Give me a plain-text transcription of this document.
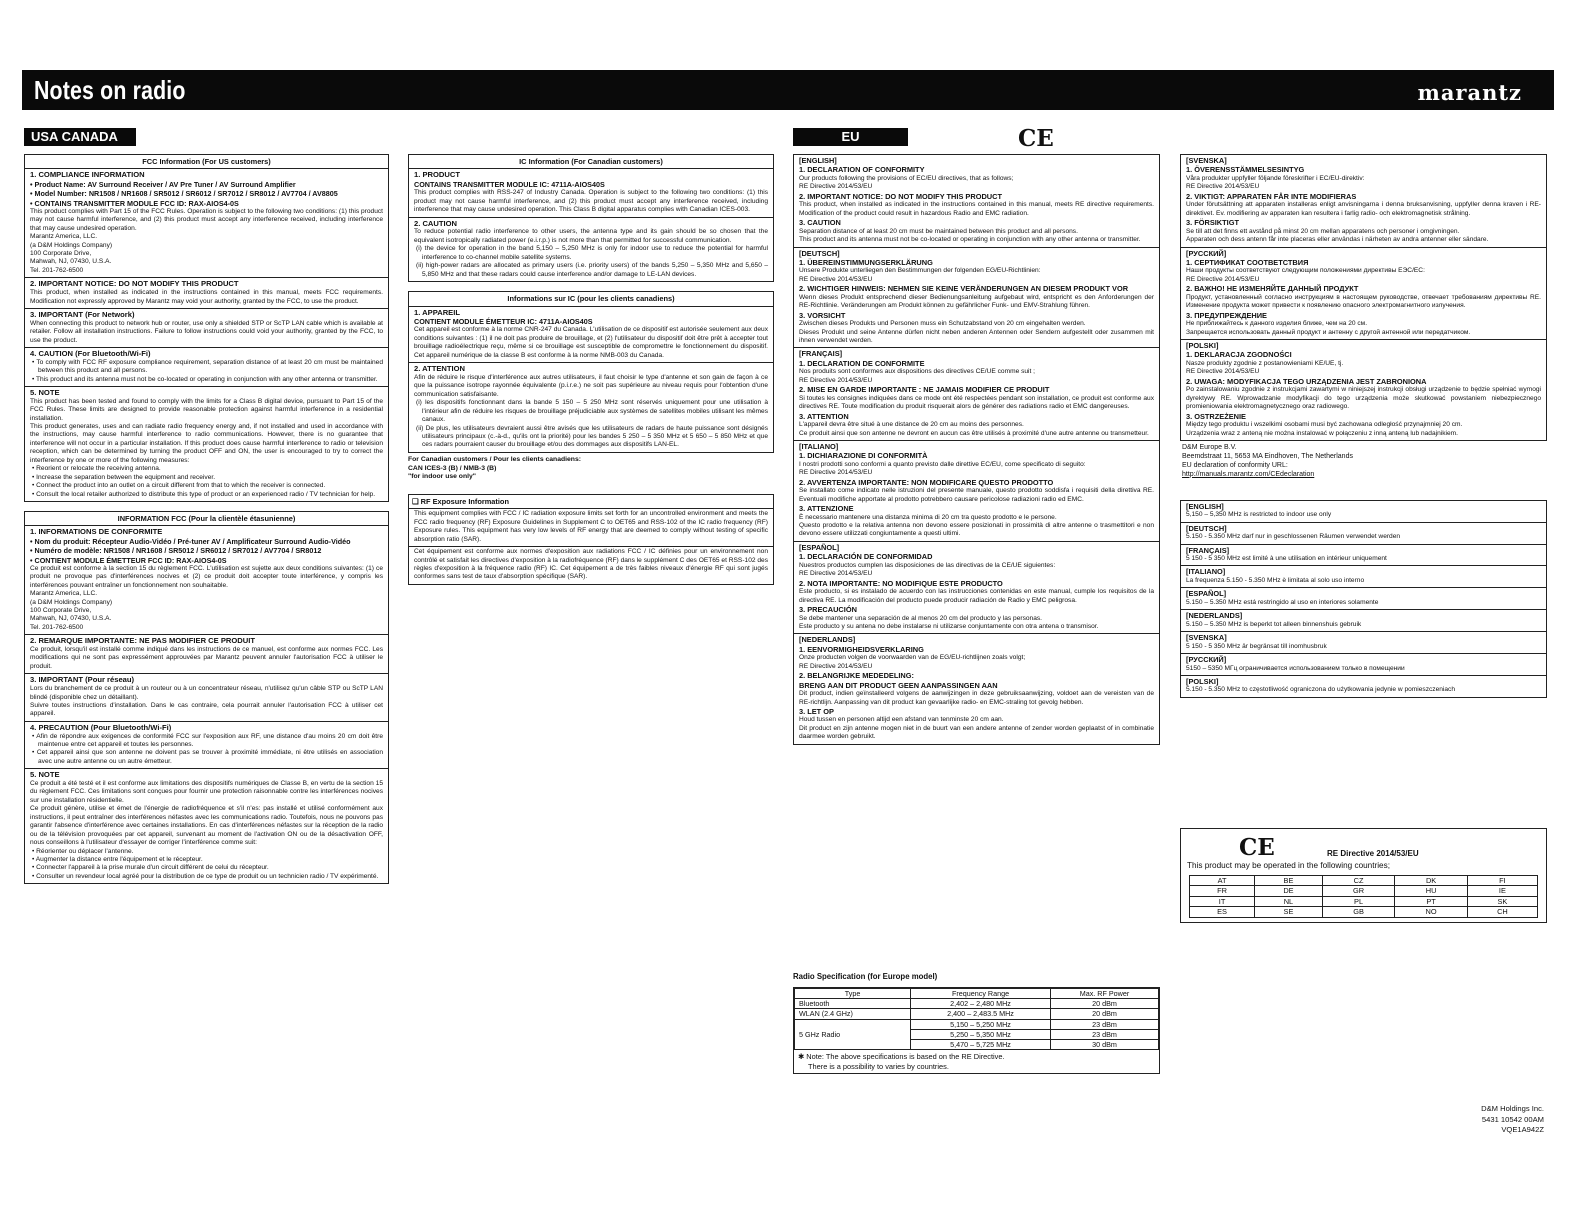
Notes on radio	marantz
USA CANADA	EU	CE
FCC Information (For US customers)
1. COMPLIANCE INFORMATION
• Product Name: AV Surround Receiver / AV Pre Tuner / AV Surround Amplifier
• Model Number: NR1508 / NR1608 / SR5012 / SR6012 / SR7012 / SR8012 / AV7704 / AV8805
• CONTAINS TRANSMITTER MODULE FCC ID: RAX-AIOS4-0S
This product complies with Part 15 of the FCC Rules. Operation is subject to the following two conditions: (1) this product may not cause harmful interference, and (2) this product must accept any interference received, including interference that may cause undesired operation.
Marantz America, LLC.
(a D&M Holdings Company)
100 Corporate Drive,
Mahwah, NJ, 07430, U.S.A.
Tel. 201-762-6500
2. IMPORTANT NOTICE: DO NOT MODIFY THIS PRODUCT
This product, when installed as indicated in the instructions contained in this manual, meets FCC requirements. Modification not expressly approved by Marantz may void your authority, granted by the FCC, to use the product.
3. IMPORTANT (For Network)
When connecting this product to network hub or router, use only a shielded STP or ScTP LAN cable which is available at retailer. Follow all installation instructions. Failure to follow instructions could void your authority, granted by the FCC, to use the product.
4. CAUTION (For Bluetooth/Wi-Fi)
• To comply with FCC RF exposure compliance requirement, separation distance of at least 20 cm must be maintained between this product and all persons.
• This product and its antenna must not be co-located or operating in conjunction with any other antenna or transmitter.
5. NOTE
This product has been tested and found to comply with the limits for a Class B digital device, pursuant to Part 15 of the FCC Rules. These limits are designed to provide reasonable protection against harmful interference in a residential installation.
This product generates, uses and can radiate radio frequency energy and, if not installed and used in accordance with the instructions, may cause harmful interference to radio communications. However, there is no guarantee that interference will not occur in a particular installation. If this product does cause harmful interference to radio or television reception, which can be determined by turning the product OFF and ON, the user is encouraged to try to correct the interference by one or more of the following measures:
• Reorient or relocate the receiving antenna.
• Increase the separation between the equipment and receiver.
• Connect the product into an outlet on a circuit different from that to which the receiver is connected.
• Consult the local retailer authorized to distribute this type of product or an experienced radio / TV technician for help.
INFORMATION FCC (Pour la clientèle étasunienne)
1. INFORMATIONS DE CONFORMITE
• Nom du produit: Récepteur Audio-Vidéo / Pré-tuner AV / Amplificateur Surround Audio-Vidéo
• Numéro de modèle: NR1508 / NR1608 / SR5012 / SR6012 / SR7012 / AV7704 / SR8012
• CONTIENT MODULE ÉMETTEUR FCC ID: RAX-AIOS4-0S
Ce produit est conforme à la section 15 du règlement FCC. L'utilisation est sujette aux deux conditions suivantes: (1) ce produit ne provoque pas d'interférences nocives et (2) ce produit doit accepter toute interférence, y compris les interférences pouvant entraîner un fonctionnement non souhaitable.
Marantz America, LLC.
(a D&M Holdings Company)
100 Corporate Drive,
Mahwah, NJ, 07430, U.S.A.
Tel. 201-762-6500
2. REMARQUE IMPORTANTE: NE PAS MODIFIER CE PRODUIT
Ce produit, lorsqu'il est installé comme indiqué dans les instructions de ce manuel, est conforme aux normes FCC. Les modifications qui ne sont pas expressément approuvées par Marantz peuvent annuler l'autorisation FCC à utiliser le produit.
3. IMPORTANT (Pour réseau)
Lors du branchement de ce produit à un routeur ou à un concentrateur réseau, n'utilisez qu'un câble STP ou ScTP LAN blindé (disponible chez un détaillant).
Suivre toutes instructions d'installation. Dans le cas contraire, cela pourrait annuler l'autorisation FCC à utiliser cet appareil.
4. PRECAUTION (Pour Bluetooth/Wi-Fi)
• Afin de répondre aux exigences de conformité FCC sur l'exposition aux RF, une distance d'au moins 20 cm doit être maintenue entre cet appareil et toutes les personnes.
• Cet appareil ainsi que son antenne ne doivent pas se trouver à proximité immédiate, ni être utilisés en association avec une autre antenne ou un autre émetteur.
5. NOTE
Ce produit a été testé et il est conforme aux limitations des dispositifs numériques de Classe B, en vertu de la section 15 du règlement FCC. Ces limitations sont conçues pour fournir une protection raisonnable contre les interférences nocives sur une installation résidentielle.
Ce produit génère, utilise et émet de l'énergie de radiofréquence et s'il n'es: pas installé et utilisé conformément aux instructions, il peut entraîner des interférences néfastes avec les communications radio. Toutefois, nous ne pouvons pas garantir l'absence d'interférence avec certaines installations. En cas d'interférences néfastes sur la réception de la radio ou de la télévision provoquées par cet appareil, survenant au moment de l'activation ON ou de la désactivation OFF, nous conseillons à l'utilisateur d'essayer de corriger l'interférence comme suit:
• Réorienter ou déplacer l'antenne.
• Augmenter la distance entre l'équipement et le récepteur.
• Connecter l'appareil à la prise murale d'un circuit différent de celui du récepteur.
• Consulter un revendeur local agréé pour la distribution de ce type de produit ou un technicien radio / TV expérimenté.
IC Information (For Canadian customers)
1. PRODUCT
CONTAINS TRANSMITTER MODULE IC: 4711A-AIOS40S
This product complies with RSS-247 of Industry Canada. Operation is subject to the following two conditions: (1) this product may not cause harmful interference, and (2) this product must accept any interference received, including interference that may cause undesired operation. This Class B digital apparatus complies with Canadian ICES-003.
2. CAUTION
To reduce potential radio interference to other users, the antenna type and its gain should be so chosen that the equivalent isotropically radiated power (e.i.r.p.) is not more than that permitted for successful communication.
(i) the device for operation in the band 5,150 – 5,250 MHz is only for indoor use to reduce the potential for harmful interference to co-channel mobile satellite systems.
(ii) high-power radars are allocated as primary users (i.e. priority users) of the bands 5,250 – 5,350 MHz and 5,650 – 5,850 MHz and that these radars could cause interference and/or damage to LE-LAN devices.
Informations sur IC (pour les clients canadiens)
1. APPAREIL
CONTIENT MODULE ÉMETTEUR IC: 4711A-AIOS40S
Cet appareil est conforme à la norme CNR-247 du Canada. L'utilisation de ce dispositif est autorisée seulement aux deux conditions suivantes : (1) il ne doit pas produire de brouillage, et (2) l'utilisateur du dispositif doit être prêt à accepter tout brouillage radioélectrique reçu, même si ce brouillage est susceptible de compromettre le fonctionnement du dispositif. Cet appareil numérique de la classe B est conforme à la norme NMB-003 du Canada.
2. ATTENTION
Afin de réduire le risque d'interférence aux autres utilisateurs, il faut choisir le type d'antenne et son gain de façon à ce que la puissance isotrope rayonnée équivalente (p.i.r.e.) ne soit pas supérieure au niveau requis pour l'obtention d'une communication satisfaisante.
(i) les dispositifs fonctionnant dans la bande 5 150 – 5 250 MHz sont réservés uniquement pour une utilisation à l'intérieur afin de réduire les risques de brouillage préjudiciable aux systèmes de satellites mobiles utilisant les mêmes canaux.
(ii) De plus, les utilisateurs devraient aussi être avisés que les utilisateurs de radars de haute puissance sont désignés utilisateurs principaux (c.-à-d., qu'ils ont la priorité) pour les bandes 5 250 – 5 350 MHz et 5 650 – 5 850 MHz et que ces radars pourraient causer du brouillage et/ou des dommages aux dispositifs LAN-EL.
For Canadian customers / Pour les clients canadiens:
CAN ICES-3 (B) / NMB-3 (B)
"for indoor use only"
❑ RF Exposure Information
This equipment complies with FCC / IC radiation exposure limits set forth for an uncontrolled environment and meets the FCC radio frequency (RF) Exposure Guidelines in Supplement C to OET65 and RSS-102 of the IC radio frequency (RF) Exposure rules. This equipment has very low levels of RF energy that are deemed to comply without testing of specific absorption ratio (SAR).
Cet équipement est conforme aux normes d'exposition aux radiations FCC / IC définies pour un environnement non contrôlé et satisfait les directives d'exposition à la radiofréquence (RF) dans le supplément C des OET65 et RSS-102 des règles d'exposition à la fréquence radio (RF) IC. Cet équipement a de très faibles niveaux d'énergie RF qui sont jugés conformes sans test de taux d'absorption spécifique (SAR).
[ENGLISH]
1. DECLARATION OF CONFORMITY
Our products following the provisions of EC/EU directives, that as follows;
RE Directive 2014/53/EU
2. IMPORTANT NOTICE: DO NOT MODIFY THIS PRODUCT
This product, when installed as indicated in the instructions contained in this manual, meets RE directive requirements. Modification of the product could result in hazardous Radio and EMC radiation.
3. CAUTION
Separation distance of at least 20 cm must be maintained between this product and all persons.
This product and its antenna must not be co-located or operating in conjunction with any other antenna or transmitter.
[DEUTSCH]
1. ÜBEREINSTIMMUNGSERKLÄRUNG
Unsere Produkte unterliegen den Bestimmungen der folgenden EG/EU-Richtlinien:
RE Directive 2014/53/EU
2. WICHTIGER HINWEIS: NEHMEN SIE KEINE VERÄNDERUNGEN AN DIESEM PRODUKT VOR
Wenn dieses Produkt entsprechend dieser Bedienungsanleitung aufgebaut wird, entspricht es den Anforderungen der RE-Richtlinie. Veränderungen am Produkt können zu gefährlicher Funk- und EMV-Strahlung führen.
3. VORSICHT
Zwischen dieses Produkts und Personen muss ein Schutzabstand von 20 cm eingehalten werden.
Dieses Produkt und seine Antenne dürfen nicht neben anderen Antennen oder Sendern aufgestellt oder zusammen mit ihnen verwendet werden.
[FRANÇAIS]
1. DECLARATION DE CONFORMITE
Nos produits sont conformes aux dispositions des directives CE/UE comme suit ;
RE Directive 2014/53/EU
2. MISE EN GARDE IMPORTANTE : NE JAMAIS MODIFIER CE PRODUIT
Si toutes les consignes indiquées dans ce mode ont été respectées pendant son installation, ce produit est conforme aux directives RE. Toute modification du produit risquerait alors de générer des radiations radio et EMC dangereuses.
3. ATTENTION
L'appareil devra être situé à une distance de 20 cm au moins des personnes.
Ce produit ainsi que son antenne ne devront en aucun cas être utilisés à proximité d'une autre antenne ou transmetteur.
[ITALIANO]
1. DICHIARAZIONE DI CONFORMITÀ
I nostri prodotti sono conformi a quanto previsto dalle direttive EC/EU, come specificato di seguito:
RE Directive 2014/53/EU
2. AVVERTENZA IMPORTANTE: NON MODIFICARE QUESTO PRODOTTO
Se installato come indicato nelle istruzioni del presente manuale, questo prodotto soddisfa i requisiti della direttiva RE. Eventuali modifiche apportate al prodotto potrebbero causare pericolose radiazioni radio ed EMC.
3. ATTENZIONE
È necessario mantenere una distanza minima di 20 cm tra questo prodotto e le persone.
Questo prodotto e la relativa antenna non devono essere posizionati in prossimità di altre antenne o trasmettitori e non devono essere utilizzati congiuntamente a questi ultimi.
[ESPAÑOL]
1. DECLARACIÓN DE CONFORMIDAD
Nuestros productos cumplen las disposiciones de las directivas de la CE/UE siguientes:
RE Directive 2014/53/EU
2. NOTA IMPORTANTE: NO MODIFIQUE ESTE PRODUCTO
Este producto, si es instalado de acuerdo con las instrucciones contenidas en este manual, cumple los requisitos de la directiva RE. La modificación del producto puede producir radiación de Radio y EMC peligrosa.
3. PRECAUCIÓN
Se debe mantener una separación de al menos 20 cm del producto y las personas.
Este producto y su antena no debe instalarse ni utilizarse conjuntamente con otra antena o transmisor.
[NEDERLANDS]
1. EENVORMIGHEIDSVERKLARING
Onze producten volgen de voorwaarden van de EG/EU-richtlijnen zoals volgt;
RE Directive 2014/53/EU
2. BELANGRIJKE MEDEDELING:
BRENG AAN DIT PRODUCT GEEN AANPASSINGEN AAN
Dit product, indien geïnstalleerd volgens de aanwijzingen in deze gebruiksaanwijzing, voldoet aan de vereisten van de RE-richtlijn. Aanpassing van dit product kan gevaarlijke radio- en EMC-straling tot gevolg hebben.
3. LET OP
Houd tussen en personen altijd een afstand van tenminste 20 cm aan.
Dit product en zijn antenne mogen niet in de buurt van een andere antenne of zender worden geplaatst of in combinatie daarmee worden gebruikt.
[SVENSKA]
1. ÖVERENSSTÄMMELSESINTYG
Våra produkter uppfyller följande föreskrifter i EC/EU-direktiv:
RE Directive 2014/53/EU
2. VIKTIGT: APPARATEN FÅR INTE MODIFIERAS
Under förutsättning att apparaten installeras enligt anvisningarna i denna bruksanvisning, uppfyller denna kraven i RE-direktivet. Ev. modifiering av apparaten kan resultera i farlig radio- och elektromagnetisk strålning.
3. FÖRSIKTIGT
Se till att det finns ett avstånd på minst 20 cm mellan apparatens och personer i omgivningen.
Apparaten och dess antenn får inte placeras eller användas i närheten av andra antenner eller sändare.
[РУССКИЙ]
1. СЕРТИФИКАТ СООТВЕТСТВИЯ
Наши продукты соответствуют следующим положениями директивы ЕЭС/ЕС:
RE Directive 2014/53/EU
2. ВАЖНО! НЕ ИЗМЕНЯЙТЕ ДАННЫЙ ПРОДУКТ
Продукт, установленный согласно инструкциям в настоящем руководстве, отвечает требованиям директивы RE. Изменение продукта может привести к появлению опасного электромагнитного излучения.
3. ПРЕДУПРЕЖДЕНИЕ
Не приближайтесь к данного изделия ближе, чем на 20 см.
Запрещается использовать данный продукт и антенну с другой антенной или передатчиком.
[POLSKI]
1. DEKLARACJA ZGODNOŚCI
Nasze produkty zgodnie z postanowieniami KE/UE, tj.
RE Directive 2014/53/EU
2. UWAGA: MODYFIKACJA TEGO URZĄDZENIA JEST ZABRONIONA
Po zainstalowaniu zgodnie z instrukcjami zawartymi w niniejszej instrukcji obsługi urządzenie to będzie spełniać wymogi dyrektywy RE. Wprowadzanie modyfikacji do tego urządzenia może skutkować powstaniem niebezpiecznego promieniowania elektromagnetycznego oraz radiowego.
3. OSTRZEŻENIE
Między tego produktu i wszelkimi osobami musi być zachowana odległość przynajmniej 20 cm.
Urządzenia wraz z anteną nie można instalować w połączeniu z inną anteną lub nadajnikiem.
D&M Europe B.V.
Beemdstraat 11, 5653 MA Eindhoven, The Netherlands
EU declaration of conformity URL:
http://manuals.marantz.com/CEdeclaration
[ENGLISH]
5,150 – 5,350 MHz is restricted to indoor use only
[DEUTSCH]
5.150 - 5.350 MHz darf nur in geschlossenen Räumen verwendet werden
[FRANÇAIS]
5 150 - 5 350 MHz est limité à une utilisation en intérieur uniquement
[ITALIANO]
La frequenza 5.150 - 5.350 MHz è limitata al solo uso interno
[ESPAÑOL]
5.150 – 5.350 MHz está restringido al uso en interiores solamente
[NEDERLANDS]
5.150 – 5.350 MHz is beperkt tot alleen binnenshuis gebruik
[SVENSKA]
5 150 - 5 350 MHz är begränsat till inomhusbruk
[РУССКИЙ]
5150 – 5350 МГц ограничивается использованием только в помещении
[POLSKI]
5.150 - 5.350 MHz to częstotliwość ograniczona do użytkowania jedynie w pomieszczeniach
CE	RE Directive 2014/53/EU
This product may be operated in the following countries;
AT	BE	CZ	DK	FI
FR	DE	GR	HU	IE
IT	NL	PL	PT	SK
ES	SE	GB	NO	CH
Radio Specification (for Europe model)
Type	Frequency Range	Max. RF Power
Bluetooth	2,402 – 2,480 MHz	20 dBm
WLAN (2.4 GHz)	2,400 – 2,483.5 MHz	20 dBm
5 GHz Radio	5,150 – 5,250 MHz	23 dBm
	5,250 – 5,350 MHz	23 dBm
	5,470 – 5,725 MHz	30 dBm
✱ Note: The above specifications is based on the RE Directive.
There is a possibility to varies by countries.
D&M Holdings Inc.
5431 10542 00AM
VQE1A942Z
